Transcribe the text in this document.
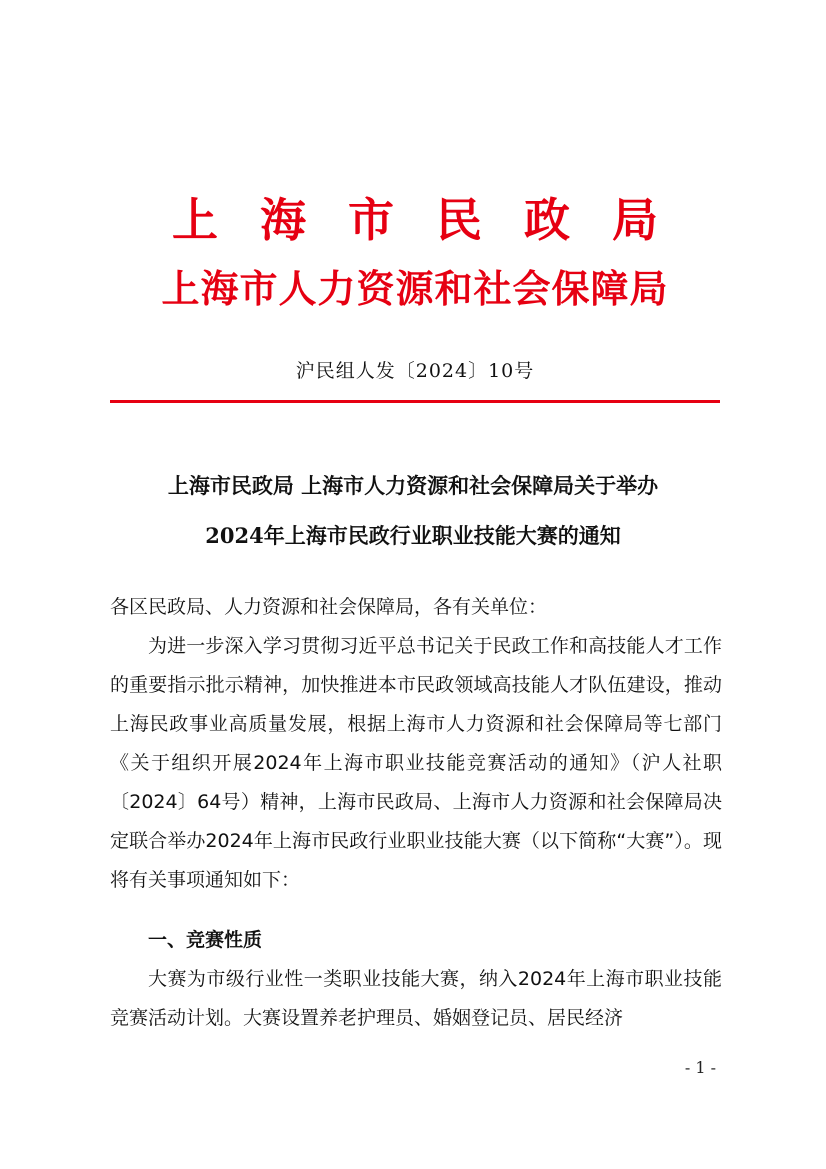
上海市民政局
上海市人力资源和社会保障局
沪民组人发〔2024〕10号
上海市民政局 上海市人力资源和社会保障局关于举办
2024年上海市民政行业职业技能大赛的通知
各区民政局、人力资源和社会保障局，各有关单位：
为进一步深入学习贯彻习近平总书记关于民政工作和高技能人才工作的重要指示批示精神，加快推进本市民政领域高技能人才队伍建设，推动上海民政事业高质量发展，根据上海市人力资源和社会保障局等七部门《关于组织开展2024年上海市职业技能竞赛活动的通知》（沪人社职〔2024〕64号）精神，上海市民政局、上海市人力资源和社会保障局决定联合举办2024年上海市民政行业职业技能大赛（以下简称“大赛”）。现将有关事项通知如下：
一、竞赛性质
大赛为市级行业性一类职业技能大赛，纳入2024年上海市职业技能竞赛活动计划。大赛设置养老护理员、婚姻登记员、居民经济
- 1 -
